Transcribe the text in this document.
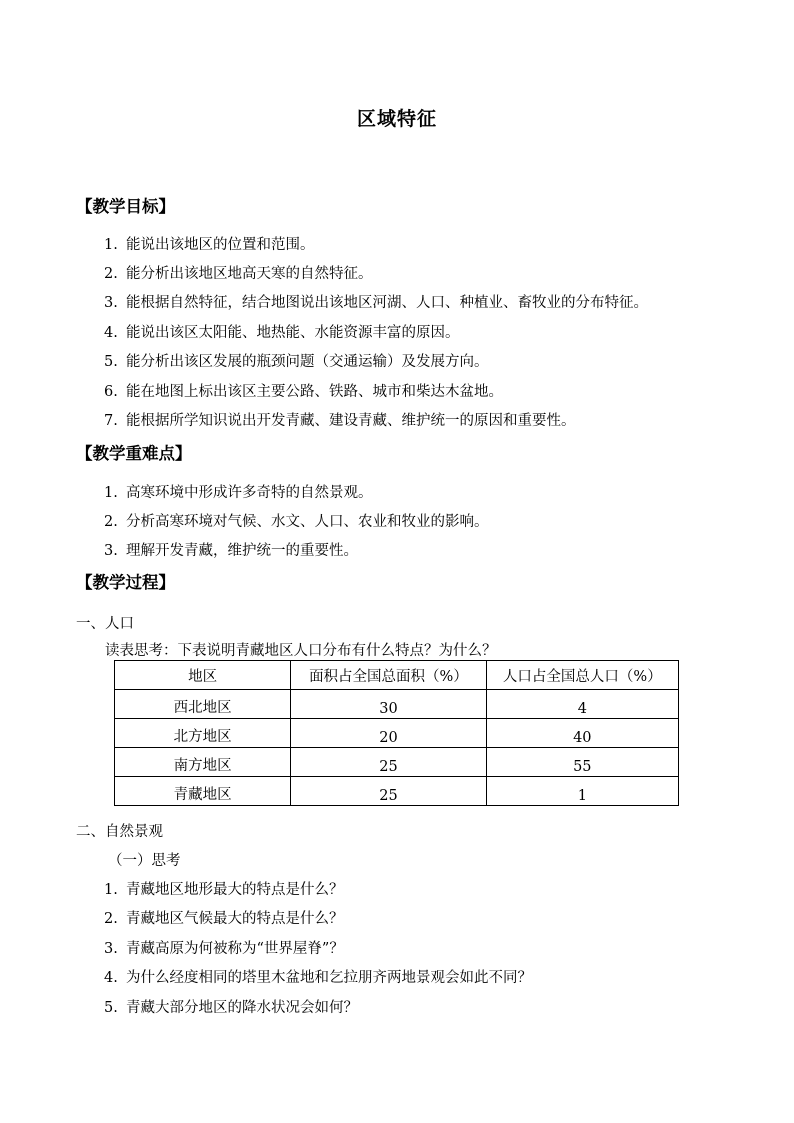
区域特征
【教学目标】
1. 能说出该地区的位置和范围。
2. 能分析出该地区地高天寒的自然特征。
3. 能根据自然特征，结合地图说出该地区河湖、人口、种植业、畜牧业的分布特征。
4. 能说出该区太阳能、地热能、水能资源丰富的原因。
5. 能分析出该区发展的瓶颈问题（交通运输）及发展方向。
6. 能在地图上标出该区主要公路、铁路、城市和柴达木盆地。
7. 能根据所学知识说出开发青藏、建设青藏、维护统一的原因和重要性。
【教学重难点】
1. 高寒环境中形成许多奇特的自然景观。
2. 分析高寒环境对气候、水文、人口、农业和牧业的影响。
3. 理解开发青藏，维护统一的重要性。
【教学过程】
一、人口
读表思考：下表说明青藏地区人口分布有什么特点？为什么？
地区	面积占全国总面积（%）	人口占全国总人口（%）

西北地区	30	4

北方地区	20	40

南方地区	25	55

青藏地区	25	1
二、自然景观
（一）思考
1. 青藏地区地形最大的特点是什么？
2. 青藏地区气候最大的特点是什么？
3. 青藏高原为何被称为“世界屋脊”？
4. 为什么经度相同的塔里木盆地和乞拉朋齐两地景观会如此不同？
5. 青藏大部分地区的降水状况会如何？
